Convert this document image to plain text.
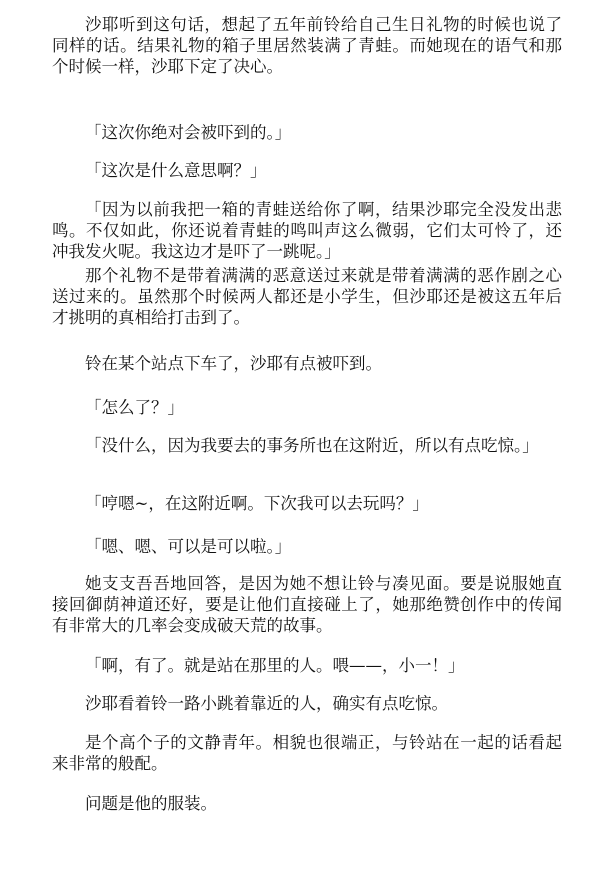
沙耶听到这句话，想起了五年前铃给自己生日礼物的时候也说了同样的话。结果礼物的箱子里居然装满了青蛙。而她现在的语气和那个时候一样，沙耶下定了决心。

「这次你绝对会被吓到的。」

「这次是什么意思啊？」

「因为以前我把一箱的青蛙送给你了啊，结果沙耶完全没发出悲鸣。不仅如此，你还说着青蛙的鸣叫声这么微弱，它们太可怜了，还冲我发火呢。我这边才是吓了一跳呢。」

那个礼物不是带着满满的恶意送过来就是带着满满的恶作剧之心送过来的。虽然那个时候两人都还是小学生，但沙耶还是被这五年后才挑明的真相给打击到了。

铃在某个站点下车了，沙耶有点被吓到。

「怎么了？」

「没什么，因为我要去的事务所也在这附近，所以有点吃惊。」

「哼嗯~，在这附近啊。下次我可以去玩吗？」

「嗯、嗯、可以是可以啦。」

她支支吾吾地回答，是因为她不想让铃与凑见面。要是说服她直接回御荫神道还好，要是让他们直接碰上了，她那绝赞创作中的传闻有非常大的几率会变成破天荒的故事。

「啊，有了。就是站在那里的人。喂——，小一！」

沙耶看着铃一路小跳着靠近的人，确实有点吃惊。

是个高个子的文静青年。相貌也很端正，与铃站在一起的话看起来非常的般配。

问题是他的服装。
